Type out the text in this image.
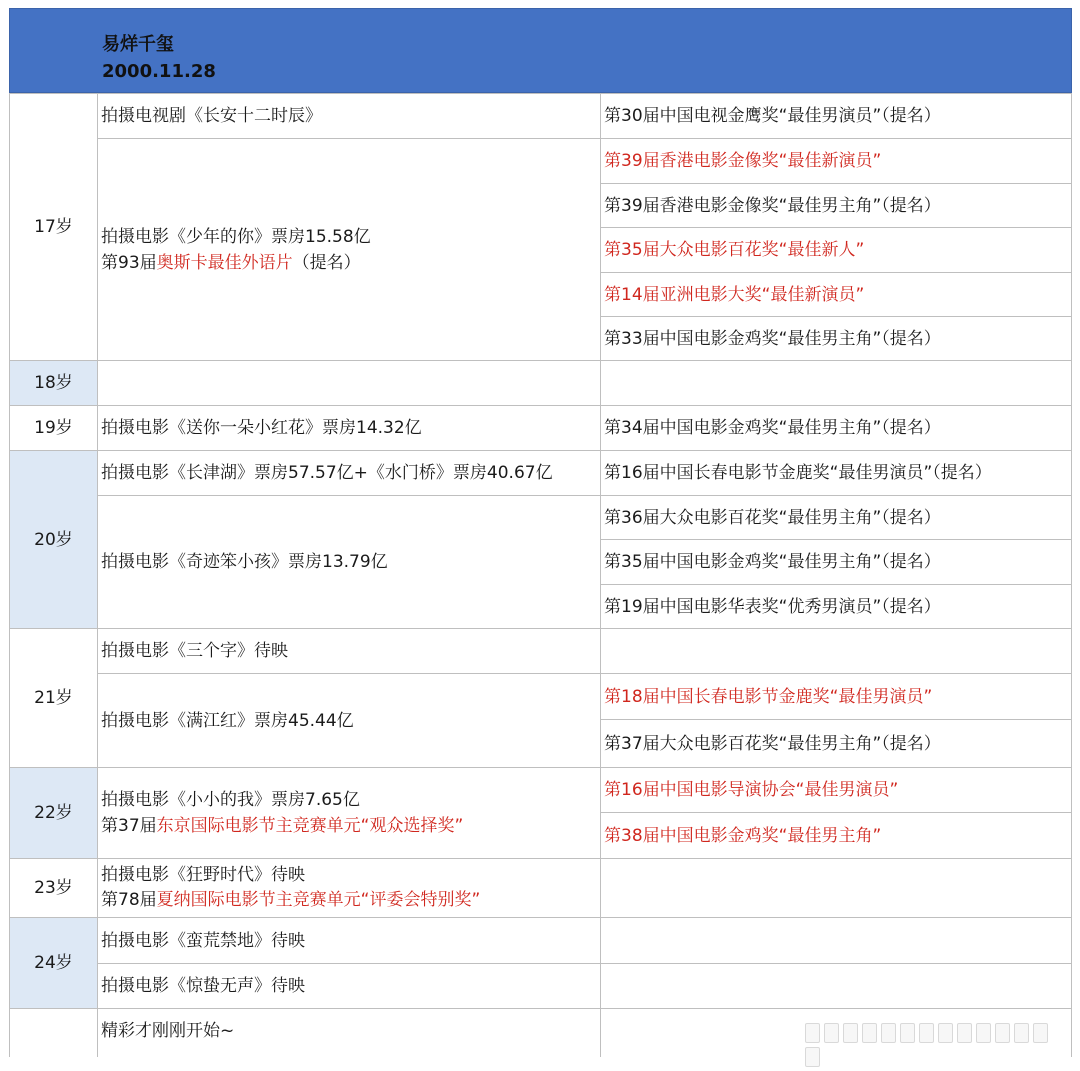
易烊千玺
2000.11.28
17岁
18岁
19岁
20岁
21岁
22岁
23岁
24岁
拍摄电视剧《长安十二时辰》
拍摄电影《少年的你》票房15.58亿
第93届奥斯卡最佳外语片（提名）
拍摄电影《送你一朵小红花》票房14.32亿
拍摄电影《长津湖》票房57.57亿+《水门桥》票房40.67亿
拍摄电影《奇迹笨小孩》票房13.79亿
拍摄电影《三个字》待映
拍摄电影《满江红》票房45.44亿
拍摄电影《小小的我》票房7.65亿
第37届东京国际电影节主竞赛单元“观众选择奖”
拍摄电影《狂野时代》待映
第78届夏纳国际电影节主竞赛单元“评委会特别奖”
拍摄电影《蛮荒禁地》待映
拍摄电影《惊蛰无声》待映
精彩才刚刚开始~
第30届中国电视金鹰奖“最佳男演员”（提名）
第39届香港电影金像奖“最佳新演员”
第39届香港电影金像奖“最佳男主角”（提名）
第35届大众电影百花奖“最佳新人”
第14届亚洲电影大奖“最佳新演员”
第33届中国电影金鸡奖“最佳男主角”（提名）
第34届中国电影金鸡奖“最佳男主角”（提名）
第16届中国长春电影节金鹿奖“最佳男演员”（提名）
第36届大众电影百花奖“最佳男主角”（提名）
第35届中国电影金鸡奖“最佳男主角”（提名）
第19届中国电影华表奖“优秀男演员”（提名）
第18届中国长春电影节金鹿奖“最佳男演员”
第37届大众电影百花奖“最佳男主角”（提名）
第16届中国电影导演协会“最佳男演员”
第38届中国电影金鸡奖“最佳男主角”
